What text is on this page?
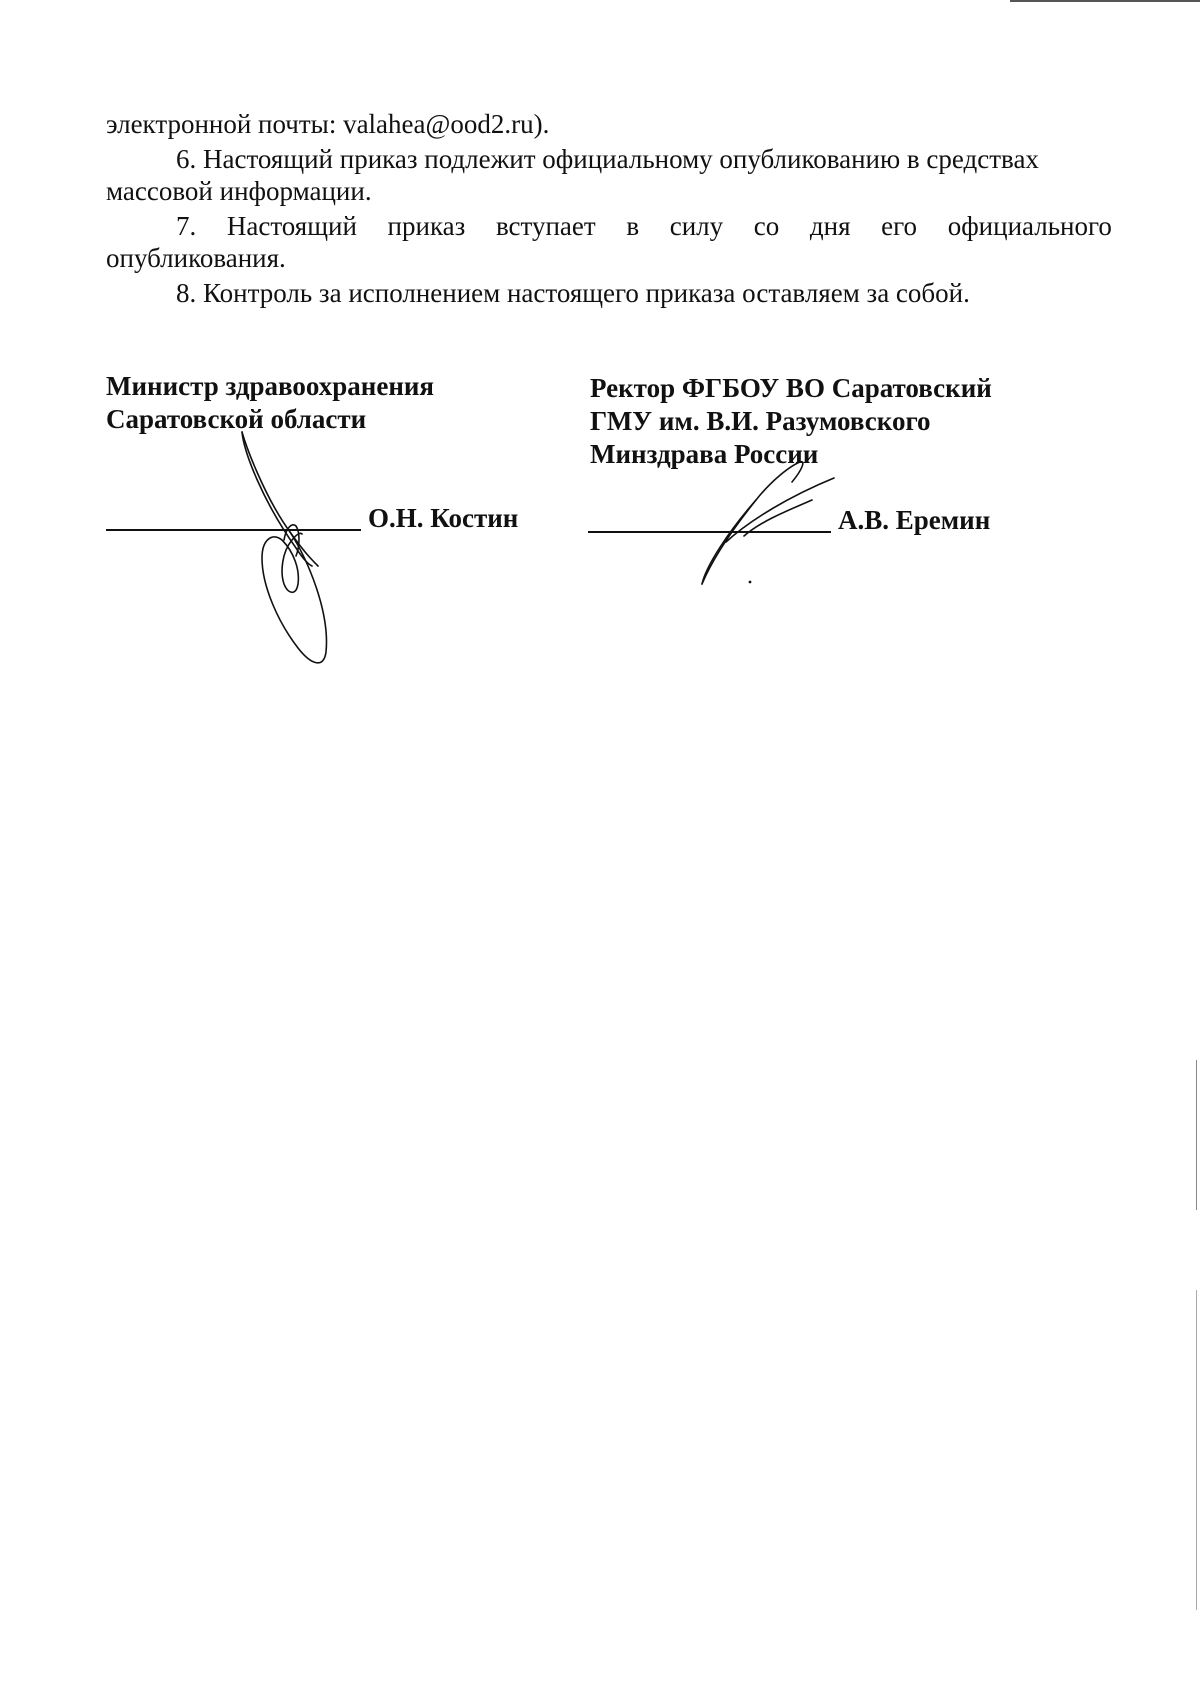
электронной почты: valahea@ood2.ru).
6. Настоящий приказ подлежит официальному опубликованию в средствах
массовой информации.
7. Настоящий приказ вступает в силу со дня его официального
опубликования.
8. Контроль за исполнением настоящего приказа оставляем за собой.
Министр здравоохранения
Саратовской области
Ректор ФГБОУ ВО Саратовский
ГМУ им. В.И. Разумовского
Минздрава России
О.Н. Костин	А.В. Еремин
